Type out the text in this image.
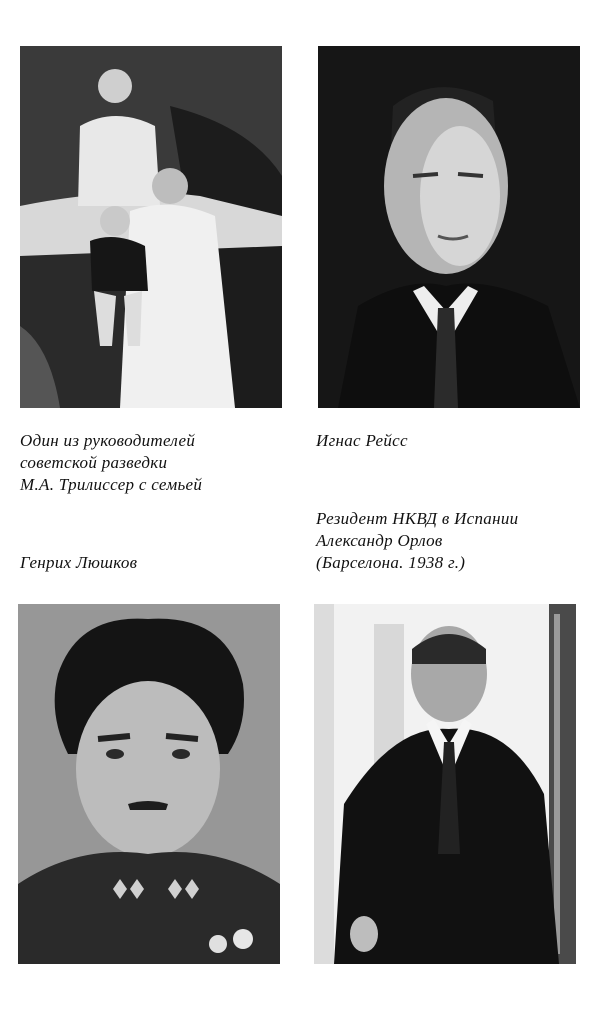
Один из руководителей
советской разведки
М.А. Трилиссер с семьей
Игнас Рейсс
Резидент НКВД в Испании
Александр Орлов
(Барселона. 1938 г.)
Генрих Люшков
